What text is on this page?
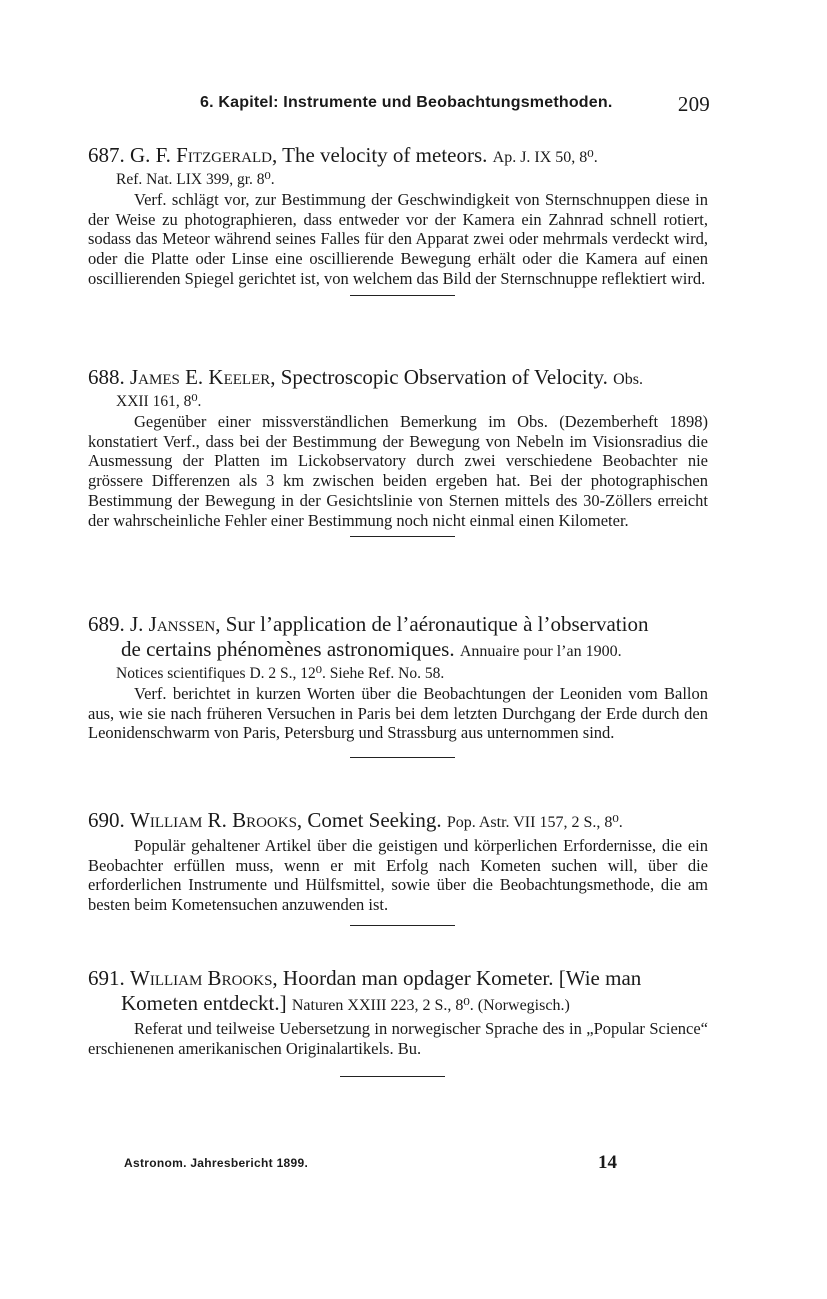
6. Kapitel: Instrumente und Beobachtungsmethoden.	209
687. G. F. Fitzgerald, The velocity of meteors. Ap. J. IX 50, 8⁰.
Ref. Nat. LIX 399, gr. 8⁰.
Verf. schlägt vor, zur Bestimmung der Geschwindigkeit von Sternschnuppen diese in der Weise zu photographieren, dass entweder vor der Kamera ein Zahnrad schnell rotiert, sodass das Meteor während seines Falles für den Apparat zwei oder mehrmals verdeckt wird, oder die Platte oder Linse eine oscillierende Bewegung erhält oder die Kamera auf einen oscillierenden Spiegel gerichtet ist, von welchem das Bild der Sternschnuppe reflektiert wird.
688. James E. Keeler, Spectroscopic Observation of Velocity. Obs.
XXII 161, 8⁰.
Gegenüber einer missverständlichen Bemerkung im Obs. (Dezemberheft 1898) konstatiert Verf., dass bei der Bestimmung der Bewegung von Nebeln im Visionsradius die Ausmessung der Platten im Lickobservatory durch zwei verschiedene Beobachter nie grössere Differenzen als 3 km zwischen beiden ergeben hat. Bei der photographischen Bestimmung der Bewegung in der Gesichtslinie von Sternen mittels des 30-Zöllers erreicht der wahrscheinliche Fehler einer Bestimmung noch nicht einmal einen Kilometer.
689. J. Janssen, Sur l’application de l’aéronautique à l’observation
de certains phénomènes astronomiques. Annuaire pour l’an 1900.
Notices scientifiques D. 2 S., 12⁰. Siehe Ref. No. 58.
Verf. berichtet in kurzen Worten über die Beobachtungen der Leoniden vom Ballon aus, wie sie nach früheren Versuchen in Paris bei dem letzten Durchgang der Erde durch den Leonidenschwarm von Paris, Petersburg und Strassburg aus unternommen sind.
690. William R. Brooks, Comet Seeking. Pop. Astr. VII 157, 2 S., 8⁰.
Populär gehaltener Artikel über die geistigen und körperlichen Erfordernisse, die ein Beobachter erfüllen muss, wenn er mit Erfolg nach Kometen suchen will, über die erforderlichen Instrumente und Hülfsmittel, sowie über die Beobachtungsmethode, die am besten beim Kometensuchen anzuwenden ist.
691. William Brooks, Hoordan man opdager Kometer. [Wie man
Kometen entdeckt.] Naturen XXIII 223, 2 S., 8⁰. (Norwegisch.)
Referat und teilweise Uebersetzung in norwegischer Sprache des in „Popular Science“ erschienenen amerikanischen Originalartikels. Bu.
Astronom. Jahresbericht 1899.	14
